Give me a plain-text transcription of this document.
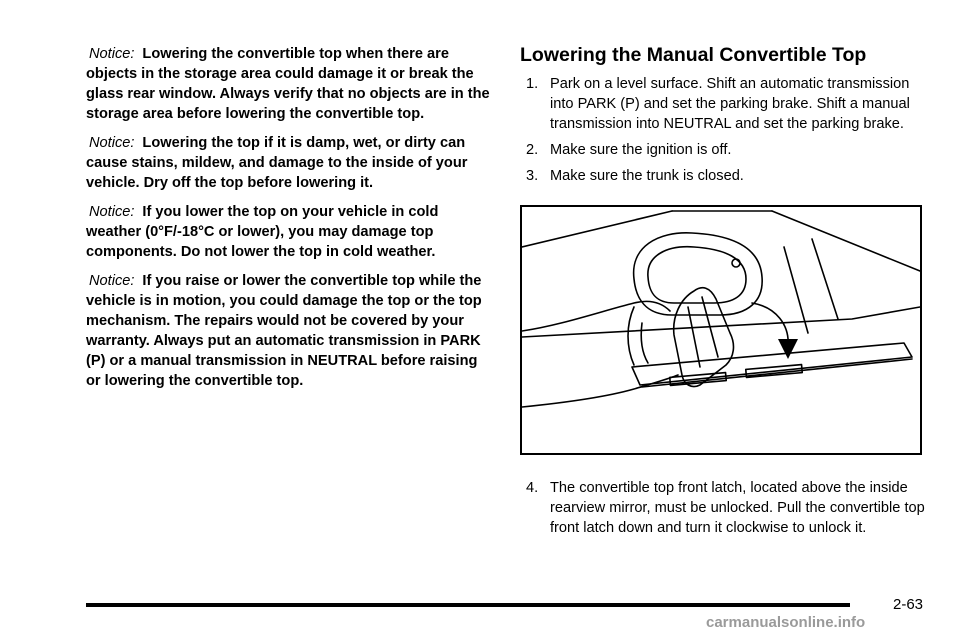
Notice: Lowering the convertible top when there are objects in the storage area could damage it or break the glass rear window. Always verify that no objects are in the storage area before lowering the convertible top.

Notice: Lowering the top if it is damp, wet, or dirty can cause stains, mildew, and damage to the inside of your vehicle. Dry off the top before lowering it.

Notice: If you lower the top on your vehicle in cold weather (0°F/-18°C or lower), you may damage top components. Do not lower the top in cold weather.

Notice: If you raise or lower the convertible top while the vehicle is in motion, you could damage the top or the top mechanism. The repairs would not be covered by your warranty. Always put an automatic transmission in PARK (P) or a manual transmission in NEUTRAL before raising or lowering the convertible top.

Lowering the Manual Convertible Top
1. Park on a level surface. Shift an automatic transmission into PARK (P) and set the parking brake. Shift a manual transmission into NEUTRAL and set the parking brake.
2. Make sure the ignition is off.
3. Make sure the trunk is closed.
4. The convertible top front latch, located above the inside rearview mirror, must be unlocked. Pull the convertible top front latch down and turn it clockwise to unlock it.
2-63
carmanualsonline.info
